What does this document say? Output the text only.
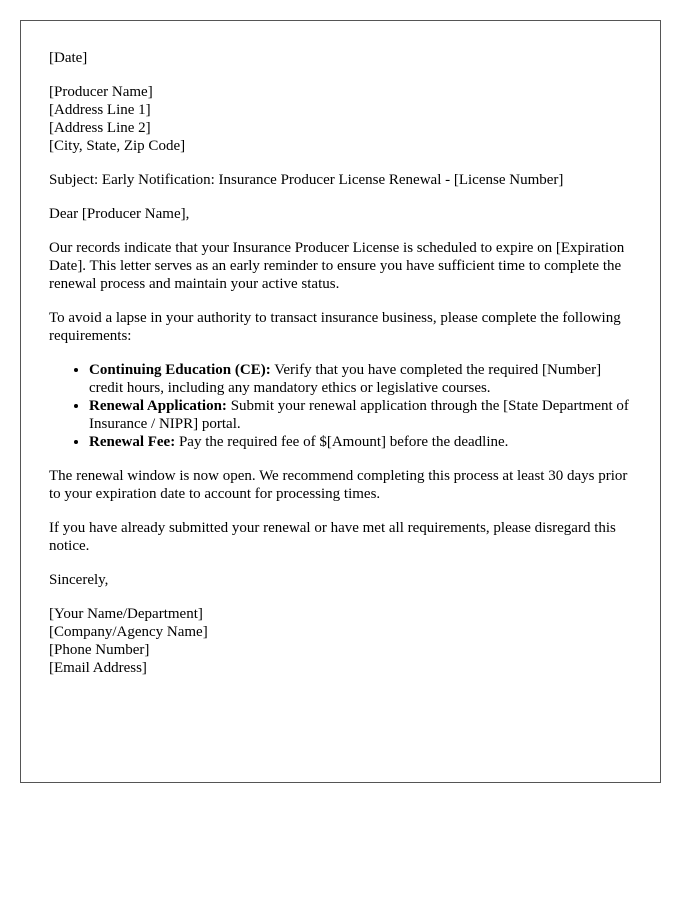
[Date]

[Producer Name]
[Address Line 1]
[Address Line 2]
[City, State, Zip Code]

Subject: Early Notification: Insurance Producer License Renewal - [License Number]

Dear [Producer Name],

Our records indicate that your Insurance Producer License is scheduled to expire on [Expiration Date]. This letter serves as an early reminder to ensure you have sufficient time to complete the renewal process and maintain your active status.

To avoid a lapse in your authority to transact insurance business, please complete the following requirements:

• Continuing Education (CE): Verify that you have completed the required [Number] credit hours, including any mandatory ethics or legislative courses.
• Renewal Application: Submit your renewal application through the [State Department of Insurance / NIPR] portal.
• Renewal Fee: Pay the required fee of $[Amount] before the deadline.

The renewal window is now open. We recommend completing this process at least 30 days prior to your expiration date to account for processing times.

If you have already submitted your renewal or have met all requirements, please disregard this notice.

Sincerely,

[Your Name/Department]
[Company/Agency Name]
[Phone Number]
[Email Address]
